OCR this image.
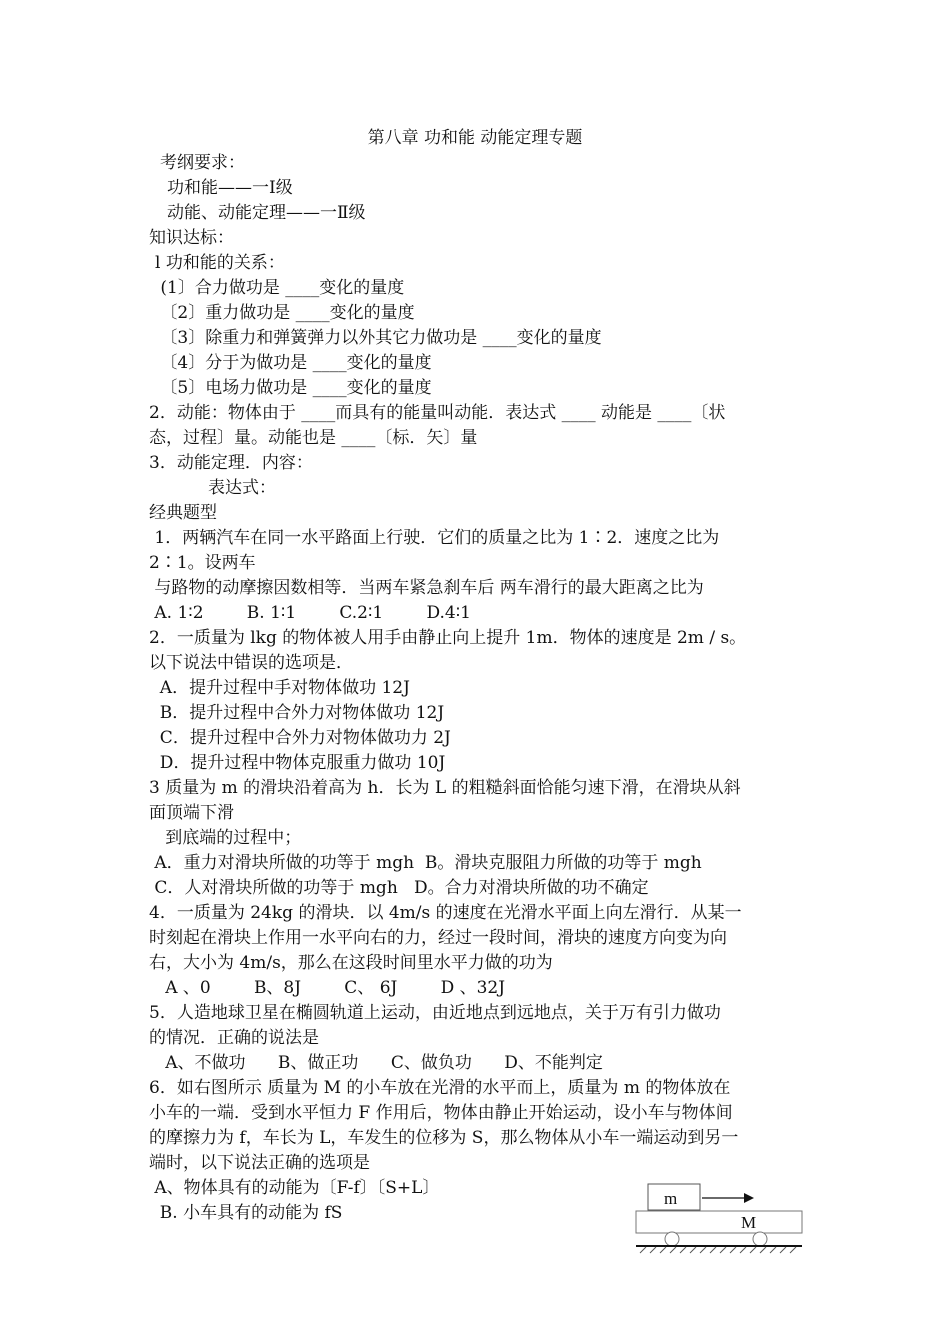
第八章 功和能 动能定理专题
考纲要求：
功和能——一Ⅰ级
动能、动能定理——一Ⅱ级
知识达标：
l 功和能的关系：
(1〕合力做功是 ____变化的量度
〔2〕重力做功是 ____变化的量度
〔3〕除重力和弹簧弹力以外其它力做功是 ____变化的量度
〔4〕分于为做功是 ____变化的量度
〔5〕电场力做功是 ____变化的量度
2．动能：物体由于 ____而具有的能量叫动能．表达式 ____ 动能是 ____〔状
态，过程〕量。动能也是 ____〔标．矢〕量
3．动能定理．内容：
表达式：
经典题型
1．两辆汽车在同一水平路面上行驶．它们的质量之比为 1∶2．速度之比为
2∶1。设两车
与路物的动摩擦因数相等．当两车紧急刹车后 两车滑行的最大距离之比为
A. 1∶2        B. 1∶1        C.2∶1        D.4∶1
2．一质量为 lkg 的物体被人用手由静止向上提升 1m．物体的速度是 2m / s。
以下说法中错误的选项是．
A．提升过程中手对物体做功 12J
B．提升过程中合外力对物体做功 12J
C．提升过程中合外力对物体做功力 2J
D．提升过程中物体克服重力做功 10J
3 质量为 m 的滑块沿着高为 h．长为 L 的粗糙斜面恰能匀速下滑，在滑块从斜
面顶端下滑
到底端的过程中；
A．重力对滑块所做的功等于 mgh  B。滑块克服阻力所做的功等于 mgh
C．人对滑块所做的功等于 mgh   D。合力对滑块所做的功不确定
4．一质量为 24kg 的滑块．以 4m/s 的速度在光滑水平面上向左滑行．从某一
时刻起在滑块上作用一水平向右的力，经过一段时间，滑块的速度方向变为向
右，大小为 4m/s，那么在这段时间里水平力做的功为
A 、0        B、8J        C、 6J        D 、32J
5．人造地球卫星在椭圆轨道上运动，由近地点到远地点，关于万有引力做功
的情况．正确的说法是
A、不做功      B、做正功      C、做负功      D、不能判定
6．如右图所示 质量为 M 的小车放在光滑的水平而上，质量为 m 的物体放在
小车的一端．受到水平恒力 F 作用后，物体由静止开始运动，设小车与物体间
的摩擦力为 f，车长为 L，车发生的位移为 S，那么物体从小车一端运动到另一
端时，以下说法正确的选项是
A、物体具有的动能为〔F-f〕〔S+L〕
B. 小车具有的动能为 fS
m
M
